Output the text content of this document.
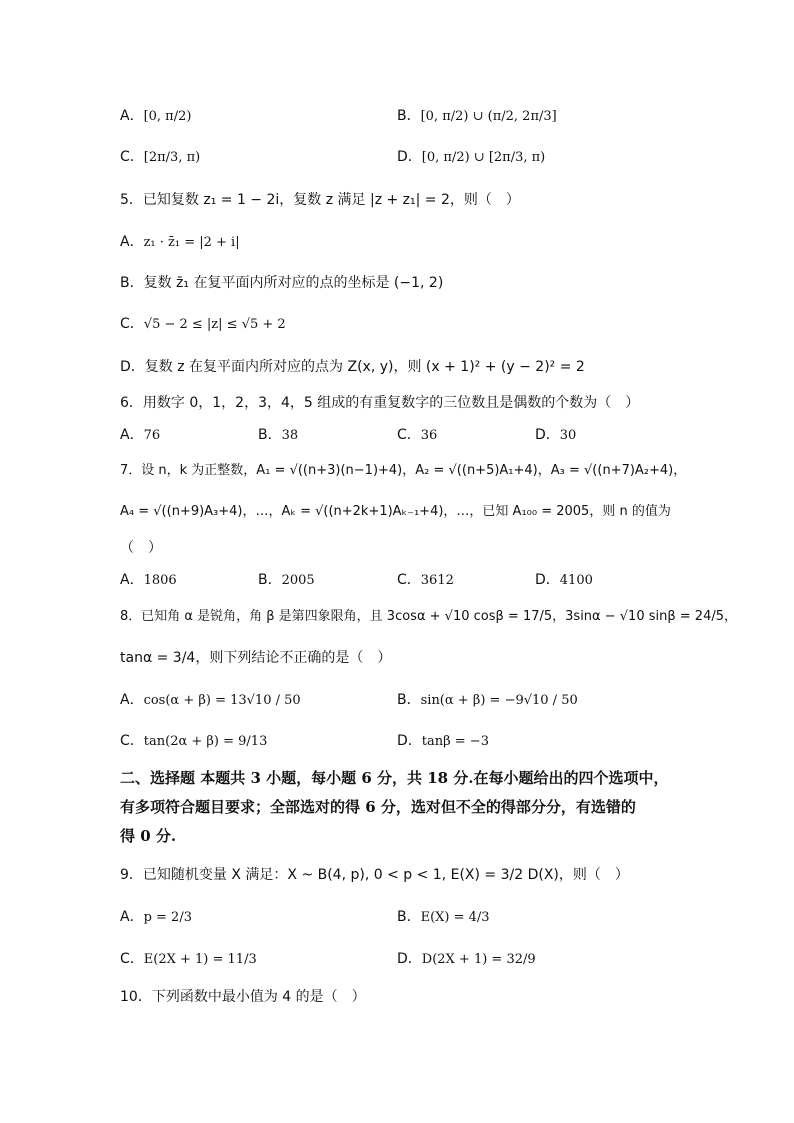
A．[0, π/2)	B．[0, π/2) ∪ (π/2, 2π/3]
C．[2π/3, π)	D．[0, π/2) ∪ [2π/3, π)
5．已知复数 z₁ = 1 − 2i，复数 z 满足 |z + z₁| = 2，则（　）
A．z₁ · z̄₁ = |2 + i|
B．复数 z̄₁ 在复平面内所对应的点的坐标是 (−1, 2)
C．√5 − 2 ≤ |z| ≤ √5 + 2
D．复数 z 在复平面内所对应的点为 Z(x, y)，则 (x + 1)² + (y − 2)² = 2
6．用数字 0，1，2，3，4，5 组成的有重复数字的三位数且是偶数的个数为（　）
A．76	B．38	C．36	D．30
7．设 n，k 为正整数，A₁ = √((n+3)(n−1)+4)，A₂ = √((n+5)A₁+4)，A₃ = √((n+7)A₂+4)，
A₄ = √((n+9)A₃+4)，…，Aₖ = √((n+2k+1)Aₖ₋₁+4)，…，已知 A₁₀₀ = 2005，则 n 的值为
（　）
A．1806	B．2005	C．3612	D．4100
8．已知角 α 是锐角，角 β 是第四象限角，且 3cosα + √10 cosβ = 17/5，3sinα − √10 sinβ = 24/5，
tanα = 3/4，则下列结论不正确的是（　）
A．cos(α + β) = 13√10 / 50	B．sin(α + β) = −9√10 / 50
C．tan(2α + β) = 9/13	D．tanβ = −3
二、选择题 本题共 3 小题，每小题 6 分，共 18 分.在每小题给出的四个选项中，
有多项符合题目要求；全部选对的得 6 分，选对但不全的得部分分，有选错的
得 0 分.
9．已知随机变量 X 满足：X ~ B(4, p), 0 < p < 1, E(X) = 3/2 D(X)，则（　）
A．p = 2/3	B．E(X) = 4/3
C．E(2X + 1) = 11/3	D．D(2X + 1) = 32/9
10．下列函数中最小值为 4 的是（　）
